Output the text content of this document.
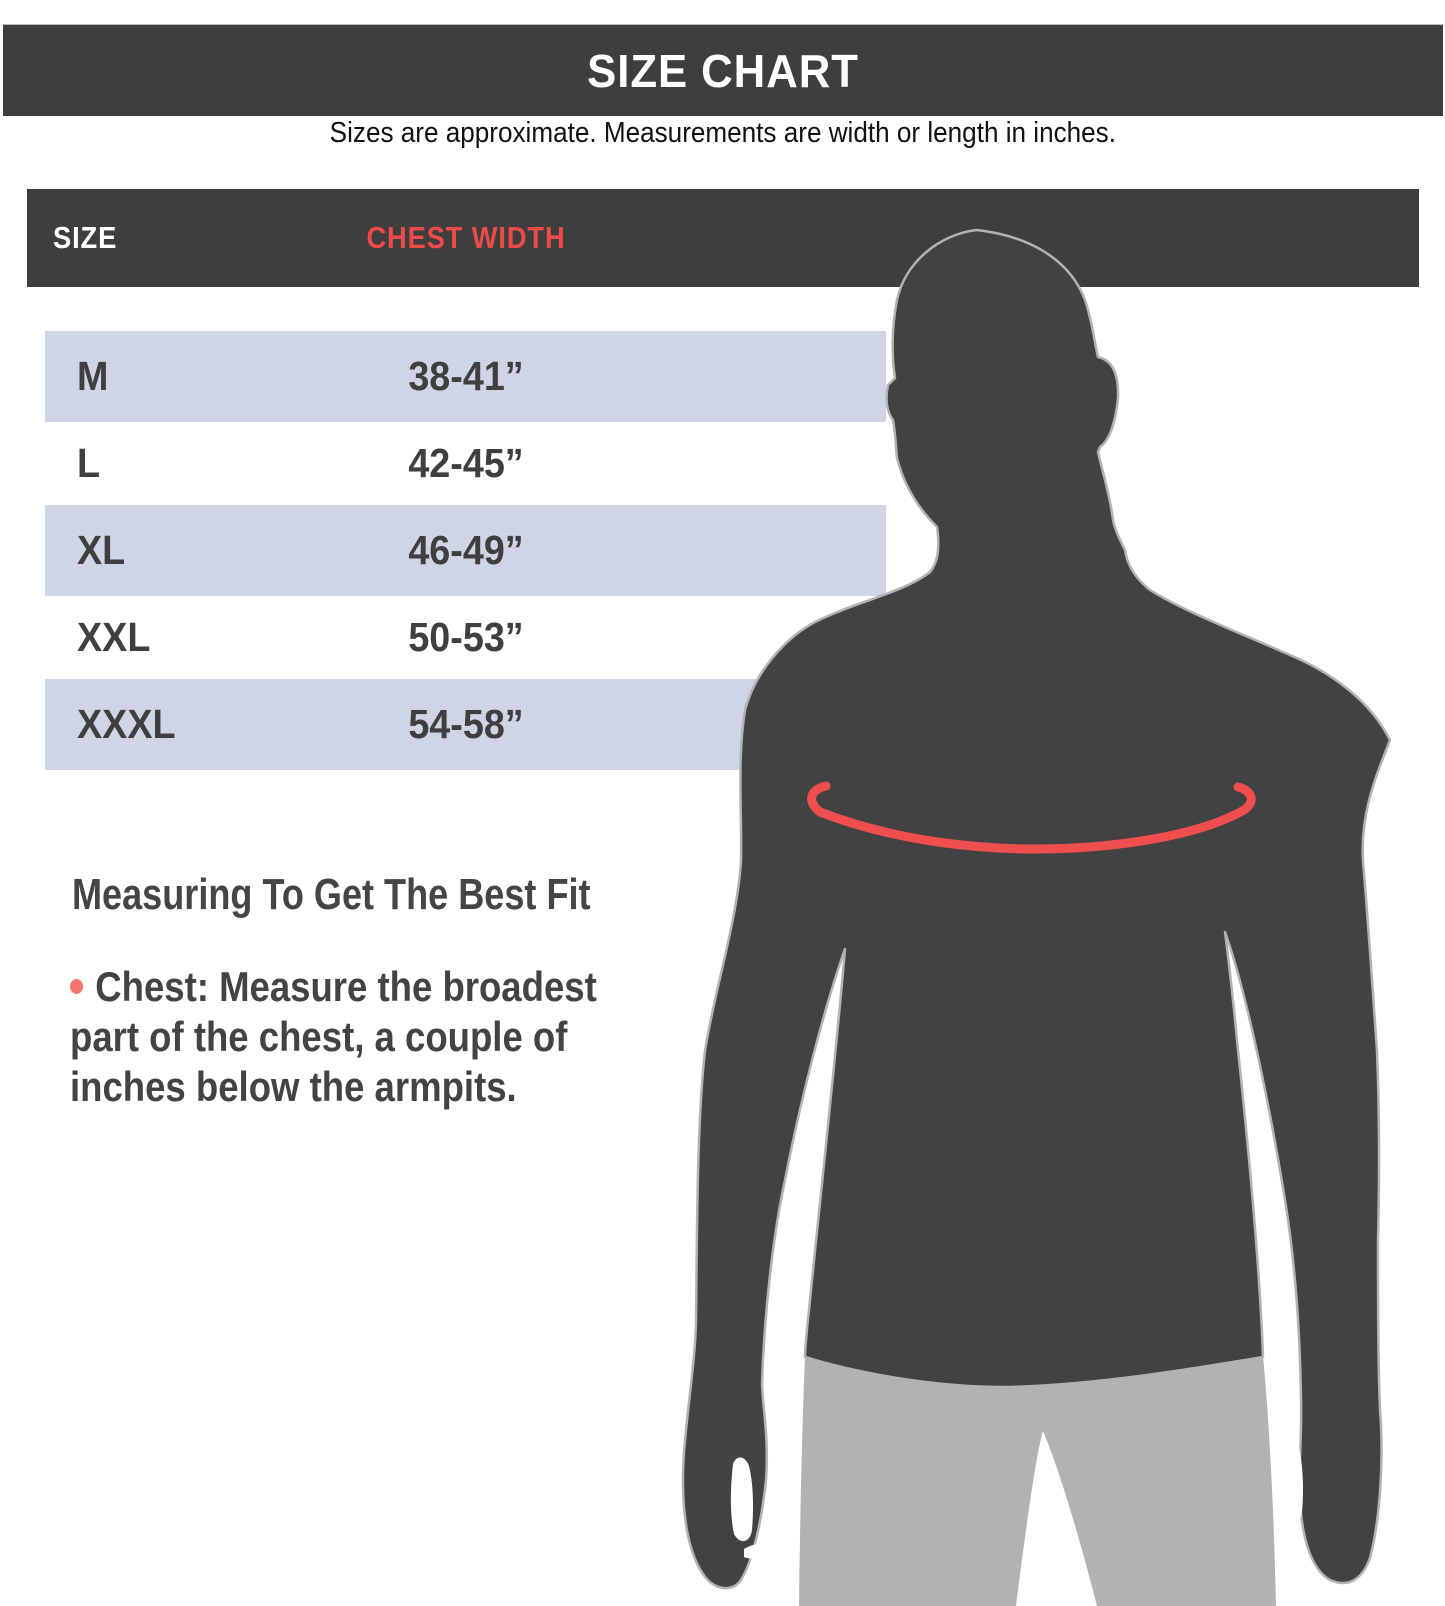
SIZE CHART
Sizes are approximate. Measurements are width or length in inches.
SIZE	CHEST WIDTH
M	38-41”
L	42-45”
XL	46-49”
XXL	50-53”
XXXL	54-58”
Measuring To Get The Best Fit
Chest: Measure the broadest
part of the chest, a couple of
inches below the armpits.
